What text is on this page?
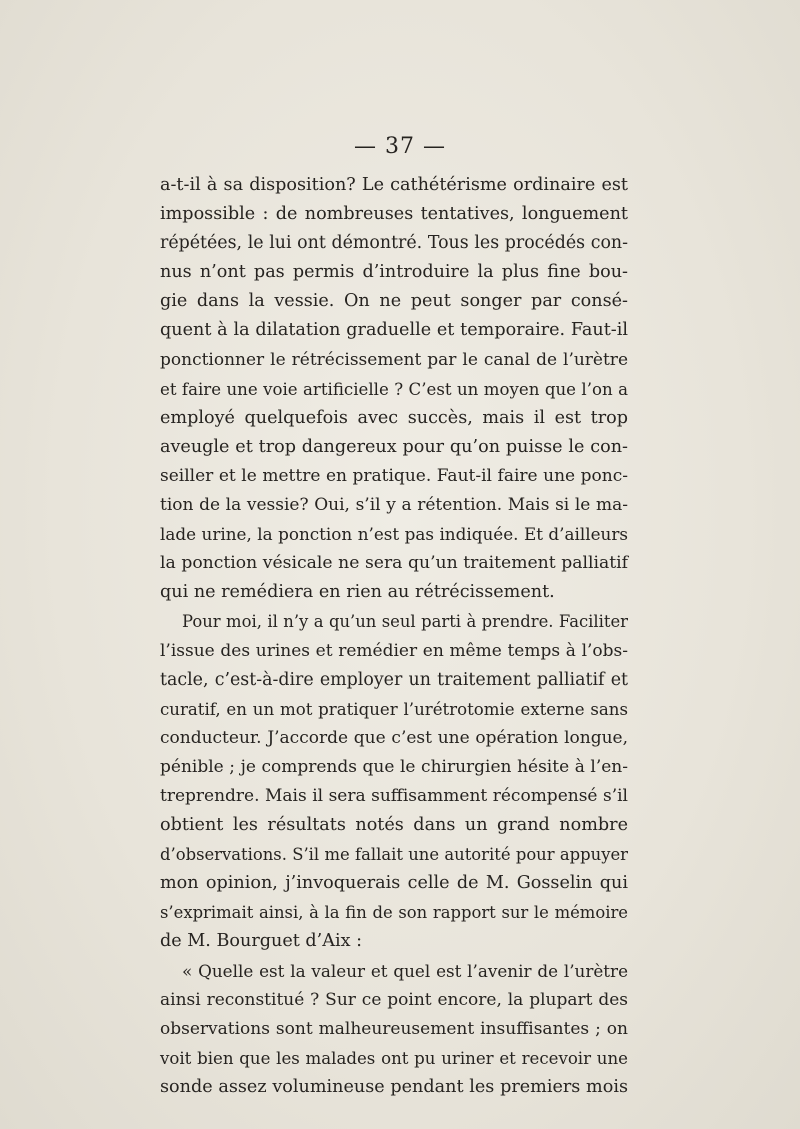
— 37 —
a-t-il à sa disposition? Le cathétérisme ordinaire est
impossible : de nombreuses tentatives, longuement
répétées, le lui ont démontré. Tous les procédés con-
nus n’ont pas permis d’introduire la plus fine bou-
gie dans la vessie. On ne peut songer par consé-
quent à la dilatation graduelle et temporaire. Faut-il
ponctionner le rétrécissement par le canal de l’urètre
et faire une voie artificielle ? C’est un moyen que l’on a
employé quelquefois avec succès, mais il est trop
aveugle et trop dangereux pour qu’on puisse le con-
seiller et le mettre en pratique. Faut-il faire une ponc-
tion de la vessie? Oui, s’il y a rétention. Mais si le ma-
lade urine, la ponction n’est pas indiquée. Et d’ailleurs
la ponction vésicale ne sera qu’un traitement palliatif
qui ne remédiera en rien au rétrécissement.
Pour moi, il n’y a qu’un seul parti à prendre. Faciliter
l’issue des urines et remédier en même temps à l’obs-
tacle, c’est-à-dire employer un traitement palliatif et
curatif, en un mot pratiquer l’urétrotomie externe sans
conducteur. J’accorde que c’est une opération longue,
pénible ; je comprends que le chirurgien hésite à l’en-
treprendre. Mais il sera suffisamment récompensé s’il
obtient les résultats notés dans un grand nombre
d’observations. S’il me fallait une autorité pour appuyer
mon opinion, j’invoquerais celle de M. Gosselin qui
s’exprimait ainsi, à la fin de son rapport sur le mémoire
de M. Bourguet d’Aix :
« Quelle est la valeur et quel est l’avenir de l’urètre
ainsi reconstitué ? Sur ce point encore, la plupart des
observations sont malheureusement insuffisantes ; on
voit bien que les malades ont pu uriner et recevoir une
sonde assez volumineuse pendant les premiers mois
